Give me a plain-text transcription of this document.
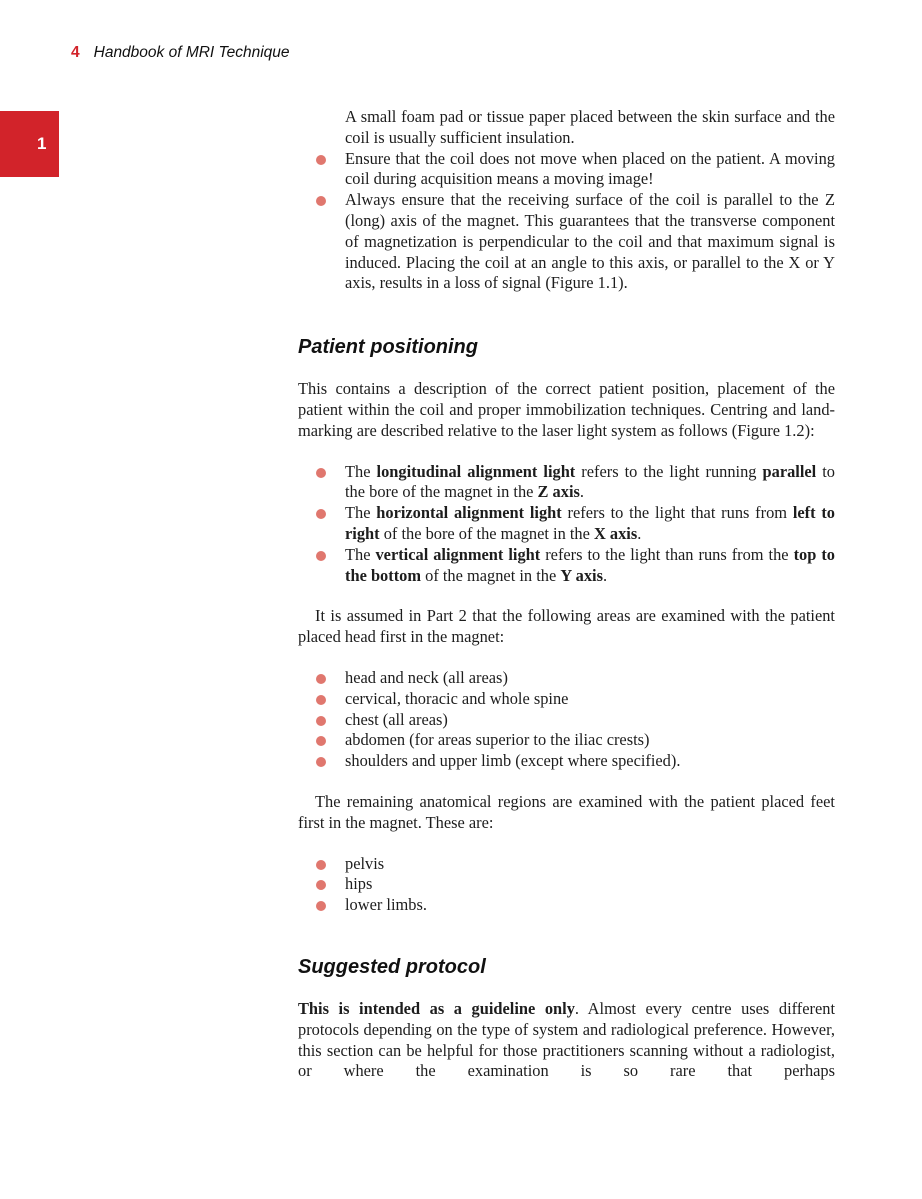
4 Handbook of MRI Technique
1
A small foam pad or tissue paper placed between the skin surface and the coil is usually sufficient insulation.
Ensure that the coil does not move when placed on the patient. A moving coil during acquisition means a moving image!
Always ensure that the receiving surface of the coil is parallel to the Z (long) axis of the magnet. This guarantees that the transverse component of magnetization is perpendicular to the coil and that maximum signal is induced. Placing the coil at an angle to this axis, or parallel to the X or Y axis, results in a loss of signal (Figure 1.1).
Patient positioning

This contains a description of the correct patient position, placement of the patient within the coil and proper immobilization techniques. Centring and land-marking are described relative to the laser light system as follows (Figure 1.2):

The longitudinal alignment light refers to the light running parallel to the bore of the magnet in the Z axis.
The horizontal alignment light refers to the light that runs from left to right of the bore of the magnet in the X axis.
The vertical alignment light refers to the light than runs from the top to the bottom of the magnet in the Y axis.

It is assumed in Part 2 that the following areas are examined with the patient placed head first in the magnet:

head and neck (all areas)
cervical, thoracic and whole spine
chest (all areas)
abdomen (for areas superior to the iliac crests)
shoulders and upper limb (except where specified).

The remaining anatomical regions are examined with the patient placed feet first in the magnet. These are:

pelvis
hips
lower limbs.
Suggested protocol

This is intended as a guideline only. Almost every centre uses different protocols depending on the type of system and radiological preference. However, this section can be helpful for those practitioners scanning without a radiologist, or where the examination is so rare that perhaps
